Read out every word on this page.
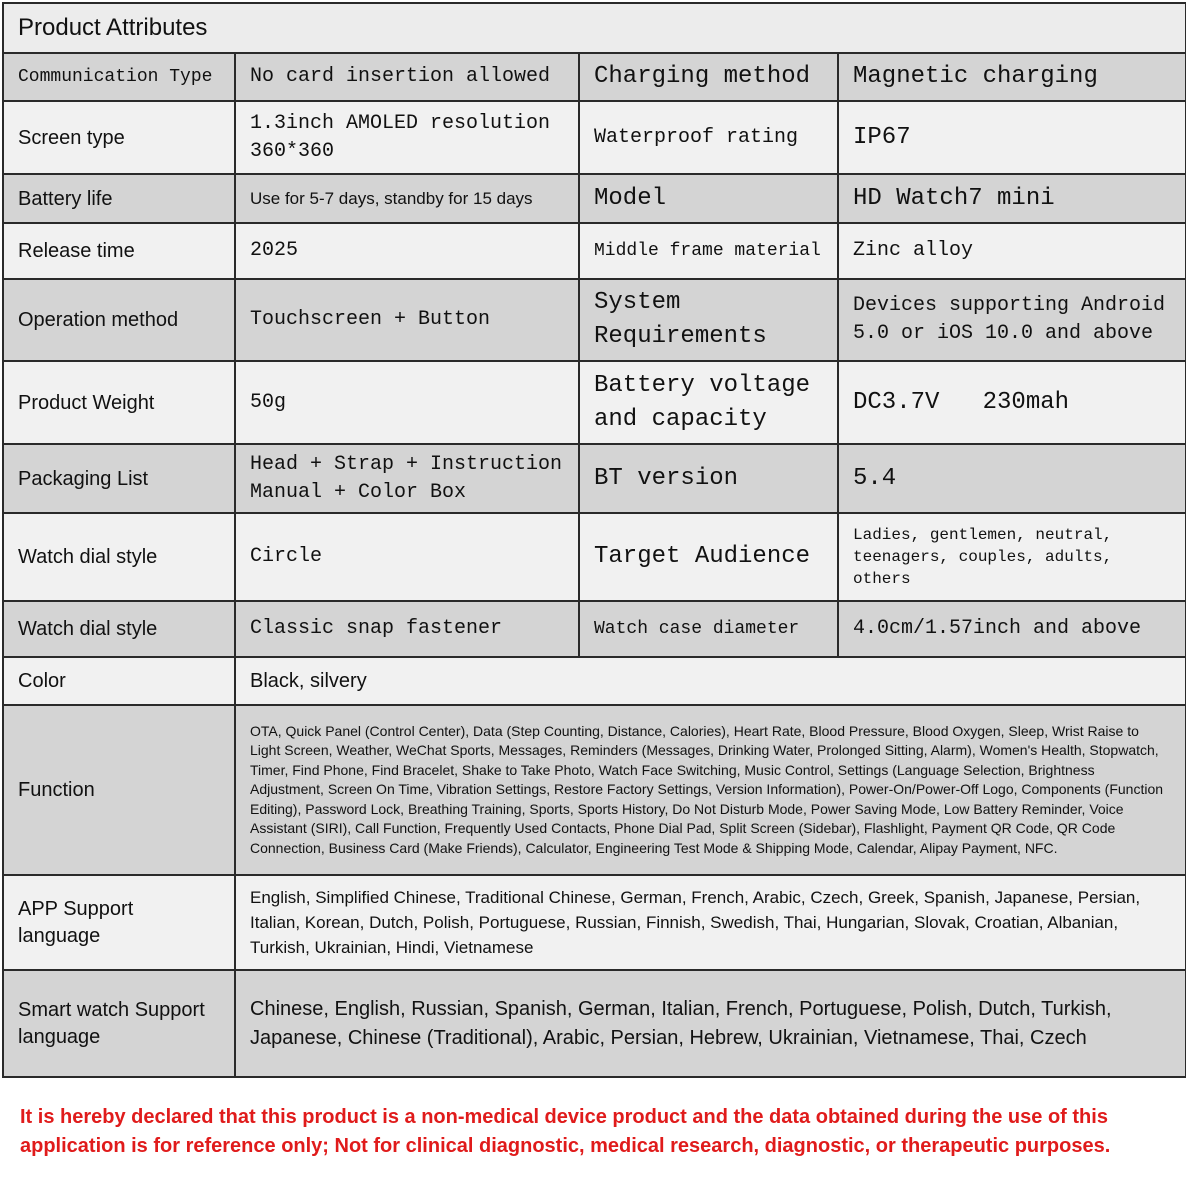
Product Attributes			
Communication Type	No card insertion allowed	Charging method	Magnetic charging
Screen type	1.3inch AMOLED resolution 360*360	Waterproof rating	IP67
Battery life	Use for 5-7 days, standby for 15 days	Model	HD Watch7 mini
Release time	2025	Middle frame material	Zinc alloy
Operation method	Touchscreen + Button	System Requirements	Devices supporting Android 5.0 or iOS 10.0 and above
Product Weight	50g	Battery voltage and capacity	DC3.7V   230mah
Packaging List	Head + Strap + Instruction Manual + Color Box	BT version	5.4
Watch dial style	Circle	Target Audience	Ladies, gentlemen, neutral, teenagers, couples, adults, others
Watch dial style	Classic snap fastener	Watch case diameter	4.0cm/1.57inch and above
Color	Black, silvery		
Function	OTA, Quick Panel (Control Center), Data (Step Counting, Distance, Calories), Heart Rate, Blood Pressure, Blood Oxygen, Sleep, Wrist Raise to Light Screen, Weather, WeChat Sports, Messages, Reminders (Messages, Drinking Water, Prolonged Sitting, Alarm), Women's Health, Stopwatch, Timer, Find Phone, Find Bracelet, Shake to Take Photo, Watch Face Switching, Music Control, Settings (Language Selection, Brightness Adjustment, Screen On Time, Vibration Settings, Restore Factory Settings, Version Information), Power-On/Power-Off Logo, Components (Function Editing), Password Lock, Breathing Training, Sports, Sports History, Do Not Disturb Mode, Power Saving Mode, Low Battery Reminder, Voice Assistant (SIRI), Call Function, Frequently Used Contacts, Phone Dial Pad, Split Screen (Sidebar), Flashlight, Payment QR Code, QR Code Connection, Business Card (Make Friends), Calculator, Engineering Test Mode & Shipping Mode, Calendar, Alipay Payment, NFC.		
APP Support language	English, Simplified Chinese, Traditional Chinese, German, French, Arabic, Czech, Greek, Spanish, Japanese, Persian, Italian, Korean, Dutch, Polish, Portuguese, Russian, Finnish, Swedish, Thai, Hungarian, Slovak, Croatian, Albanian, Turkish, Ukrainian, Hindi, Vietnamese		
Smart watch Support language	Chinese, English, Russian, Spanish, German, Italian, French, Portuguese, Polish, Dutch, Turkish, Japanese, Chinese (Traditional), Arabic, Persian, Hebrew, Ukrainian, Vietnamese, Thai, Czech		
It is hereby declared that this product is a non-medical device product and the data obtained during the use of this application is for reference only; Not for clinical diagnostic, medical research, diagnostic, or therapeutic purposes.
